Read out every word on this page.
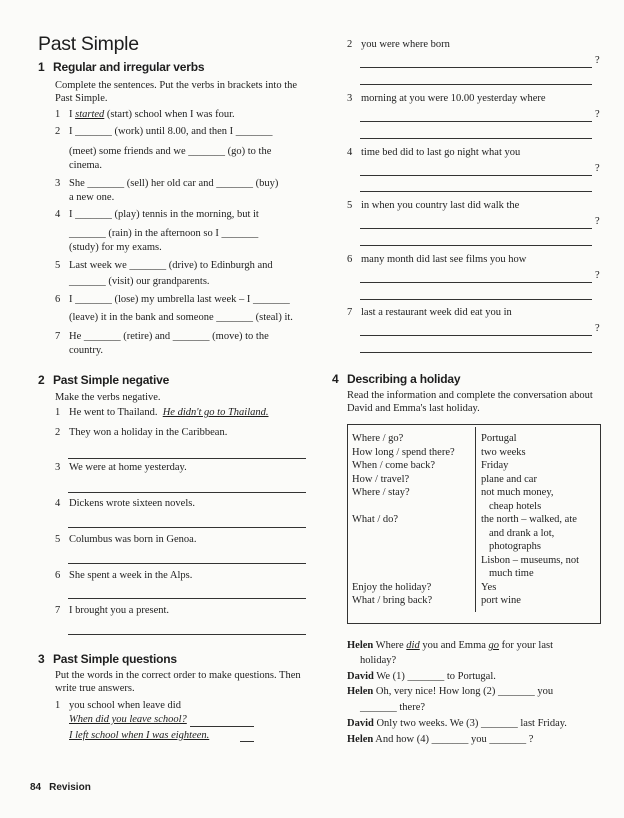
Past Simple
1 Regular and irregular verbs
Complete the sentences. Put the verbs in brackets into the Past Simple.
1 I started (start) school when I was four.
2 I _______ (work) until 8.00, and then I _______
(meet) some friends and we _______ (go) to the
cinema.
3 She _______ (sell) her old car and _______ (buy)
a new one.
4 I _______ (play) tennis in the morning, but it
_______ (rain) in the afternoon so I _______
(study) for my exams.
5 Last week we _______ (drive) to Edinburgh and
_______ (visit) our grandparents.
6 I _______ (lose) my umbrella last week – I _______
(leave) it in the bank and someone _______ (steal) it.
7 He _______ (retire) and _______ (move) to the
country.
2 Past Simple negative
Make the verbs negative.
1 He went to Thailand. He didn't go to Thailand.
2 They won a holiday in the Caribbean.
3 We were at home yesterday.
4 Dickens wrote sixteen novels.
5 Columbus was born in Genoa.
6 She spent a week in the Alps.
7 I brought you a present.
3 Past Simple questions
Put the words in the correct order to make questions. Then write true answers.
1 you school when leave did
When did you leave school?
I left school when I was eighteen.
2 you were where born
?
3 morning at you were 10.00 yesterday where
?
4 time bed did to last go night what you
?
5 in when you country last did walk the
?
6 many month did last see films you how
?
7 last a restaurant week did eat you in
?
4 Describing a holiday
Read the information and complete the conversation about David and Emma's last holiday.
Where / go?	Portugal
How long / spend there?	two weeks
When / come back?	Friday
How / travel?	plane and car
Where / stay?	not much money,
cheap hotels

What / do?	the north – walked, ate
and drank a lot,
photographs
Lisbon – museums, not
much time

Enjoy the holiday?	Yes
What / bring back?	port wine
Helen Where did you and Emma go for your last
holiday?
David We (1) _______ to Portugal.
Helen Oh, very nice! How long (2) _______ you
_______ there?
David Only two weeks. We (3) _______ last Friday.
Helen And how (4) _______ you _______ ?
84 Revision
